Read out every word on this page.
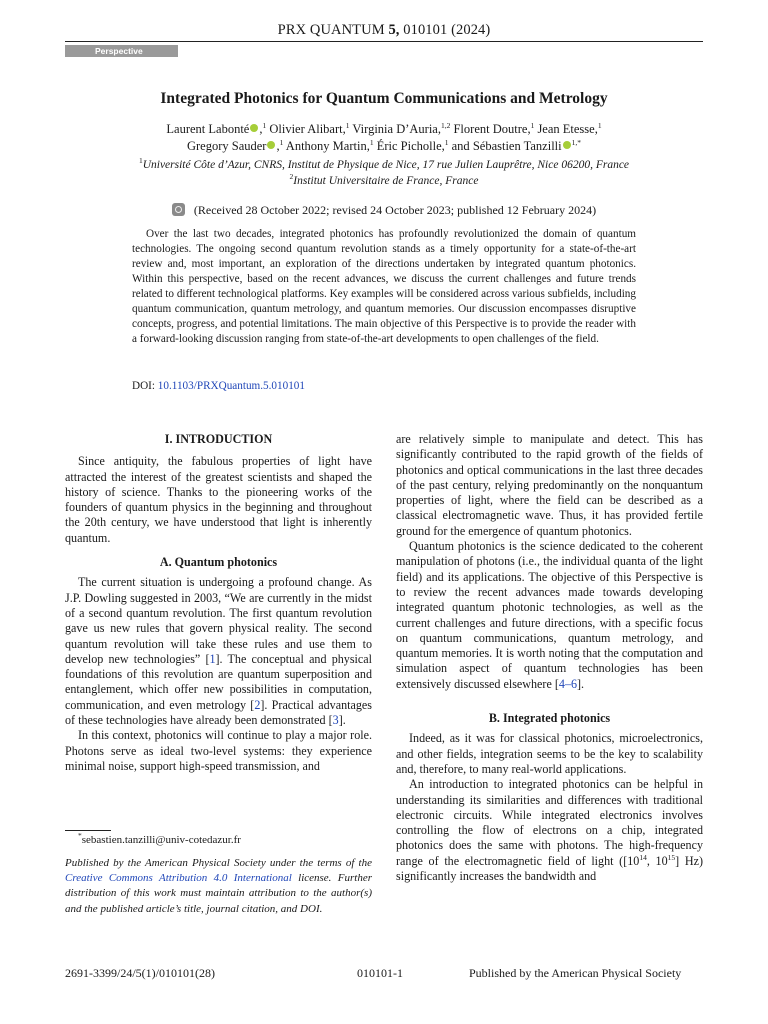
PRX QUANTUM 5, 010101 (2024)
Perspective
Integrated Photonics for Quantum Communications and Metrology
Laurent Labonté ,$^1$ Olivier Alibart,$^1$ Virginia D’Auria,$^{1,2}$ Florent Doutre,$^1$ Jean Etesse,$^1$
Gregory Sauder ,$^1$ Anthony Martin,$^1$ Éric Picholle,$^1$ and Sébastien Tanzilli $^{1,*}$
$^1$Université Côte d’Azur, CNRS, Institut de Physique de Nice, 17 rue Julien Lauprêtre, Nice 06200, France
$^2$Institut Universitaire de France, France
(Received 28 October 2022; revised 24 October 2023; published 12 February 2024)
Over the last two decades, integrated photonics has profoundly revolutionized the domain of quantum technologies. The ongoing second quantum revolution stands as a timely opportunity for a state-of-the-art review and, most important, an exploration of the directions undertaken by integrated quantum photonics. Within this perspective, based on the recent advances, we discuss the current challenges and future trends related to different technological platforms. Key examples will be considered across various subfields, including quantum communication, quantum metrology, and quantum memories. Our discussion encompasses disruptive concepts, progress, and potential limitations. The main objective of this Perspective is to provide the reader with a forward-looking discussion ranging from state-of-the-art developments to open challenges of the field.
DOI: 10.1103/PRXQuantum.5.010101
I. INTRODUCTION

Since antiquity, the fabulous properties of light have attracted the interest of the greatest scientists and shaped the history of science. Thanks to the pioneering works of the founders of quantum physics in the beginning and throughout the 20th century, we have understood that light is inherently quantum.

A. Quantum photonics

The current situation is undergoing a profound change. As J.P. Dowling suggested in 2003, “We are currently in the midst of a second quantum revolution. The first quantum revolution gave us new rules that govern physical reality. The second quantum revolution will take these rules and use them to develop new technologies” [1]. The conceptual and physical foundations of this revolution are quantum superposition and entanglement, which offer new possibilities in computation, communication, and even metrology [2]. Practical advantages of these technologies have already been demonstrated [3].

In this context, photonics will continue to play a major role. Photons serve as ideal two-level systems: they experience minimal noise, support high-speed transmission, and

are relatively simple to manipulate and detect. This has significantly contributed to the rapid growth of the fields of photonics and optical communications in the last three decades of the past century, relying predominantly on the nonquantum properties of light, where the field can be described as a classical electromagnetic wave. Thus, it has provided fertile ground for the emergence of quantum photonics.

Quantum photonics is the science dedicated to the coherent manipulation of photons (i.e., the individual quanta of the light field) and its applications. The objective of this Perspective is to review the recent advances made towards developing integrated quantum photonic technologies, as well as the current challenges and future directions, with a specific focus on quantum communications, quantum metrology, and quantum memories. It is worth noting that the computation and simulation aspect of quantum technologies has been extensively discussed elsewhere [4–6].

B. Integrated photonics

Indeed, as it was for classical photonics, microelectronics, and other fields, integration seems to be the key to scalability and, therefore, to many real-world applications.

An introduction to integrated photonics can be helpful in understanding its similarities and differences with traditional electronic circuits. While integrated electronics involves controlling the flow of electrons on a chip, integrated photonics does the same with photons. The high-frequency range of the electromagnetic field of light ([$10^{14}$, $10^{15}$] Hz) significantly increases the bandwidth and

*sebastien.tanzilli@univ-cotedazur.fr
Published by the American Physical Society under the terms of the Creative Commons Attribution 4.0 International license. Further distribution of this work must maintain attribution to the author(s) and the published article’s title, journal citation, and DOI.
2691-3399/24/5(1)/010101(28)	010101-1	Published by the American Physical Society
